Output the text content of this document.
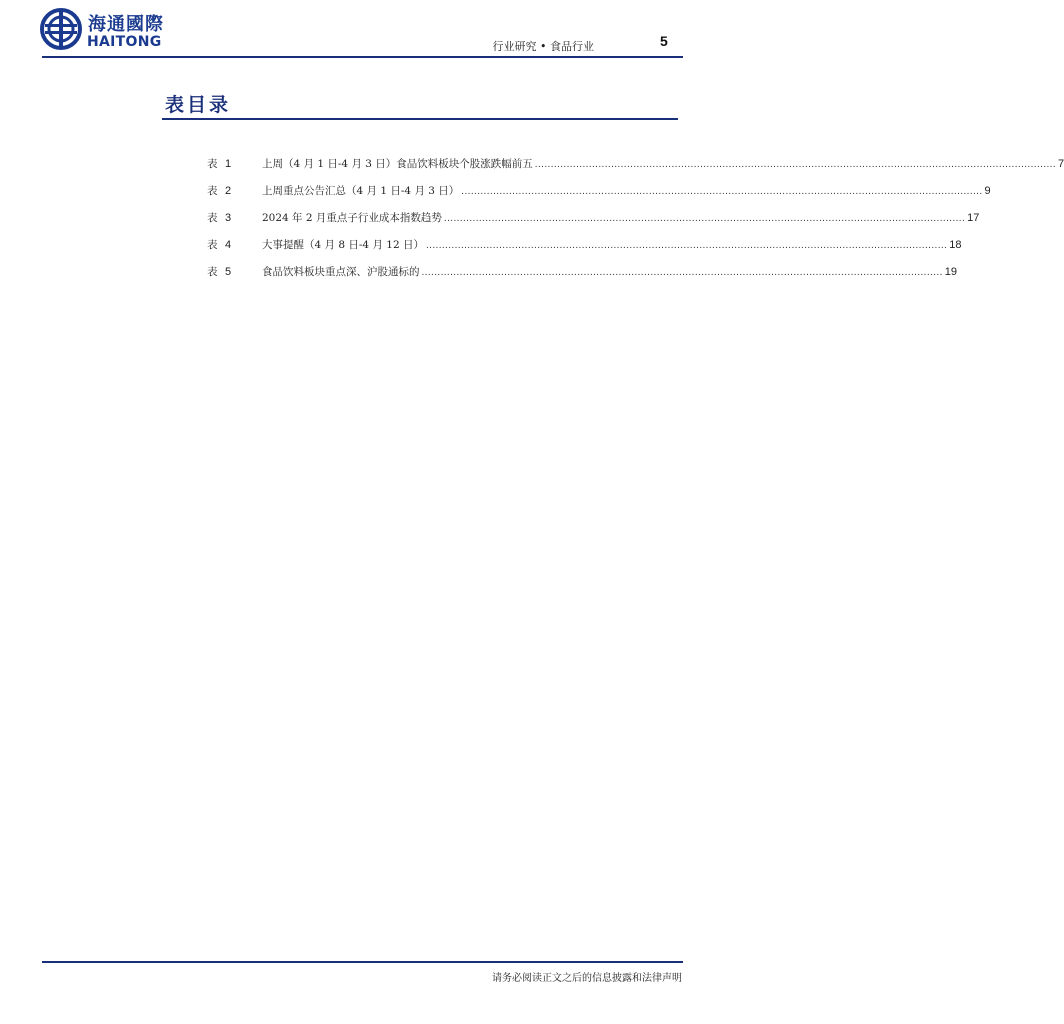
海通國際
HAITONG	行业研究 • 食品行业	5
表目录
表 1	上周（4 月 1 日-4 月 3 日）食品饮料板块个股涨跌幅前五 .................................................................................................................................................................... 7
表 2	上周重点公告汇总（4 月 1 日-4 月 3 日） .................................................................................................................................................................... 9
表 3	2024 年 2 月重点子行业成本指数趋势 .................................................................................................................................................................... 17
表 4	大事提醒（4 月 8 日-4 月 12 日） .................................................................................................................................................................... 18
表 5	食品饮料板块重点深、沪股通标的 .................................................................................................................................................................... 19
请务必阅读正文之后的信息披露和法律声明
